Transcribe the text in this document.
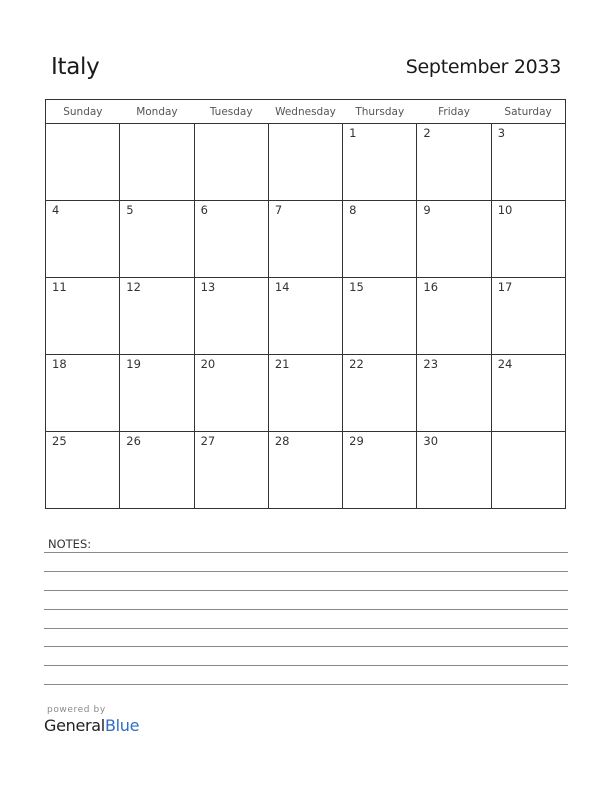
Italy	September 2033
Sunday	Monday	Tuesday	Wednesday	Thursday	Friday	Saturday

				1	2	3

4	5	6	7	8	9	10

11	12	13	14	15	16	17

18	19	20	21	22	23	24

25	26	27	28	29	30	

NOTES:
powered by
GeneralBlue
